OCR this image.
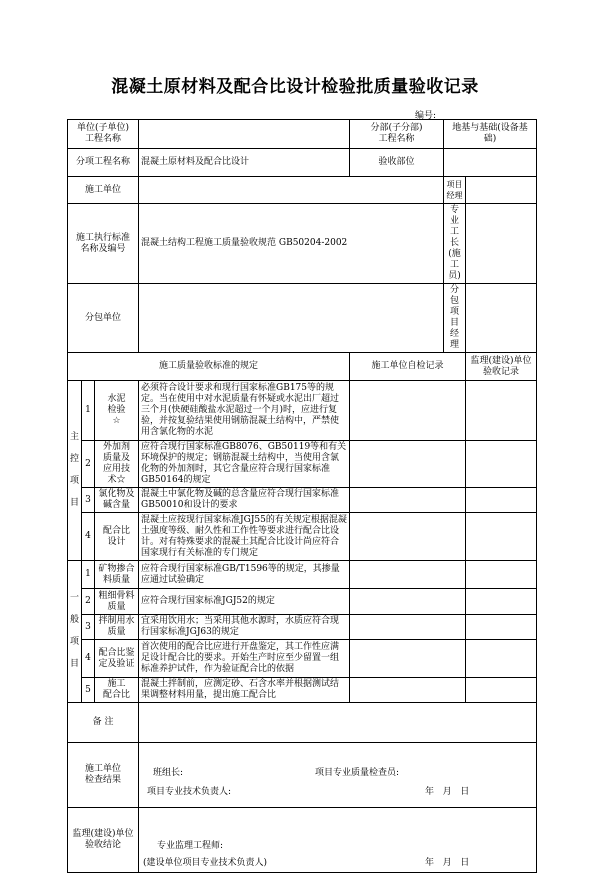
混凝土原材料及配合比设计检验批质量验收记录
编号:
单位(子单位)
工程名称				分部(子分部)
工程名称	地基与基础(设备基础)	
分项工程名称			混凝土原材料及配合比设计	验收部位		
施工单位					项目经理	
施工执行标准
名称及编号			混凝土结构工程施工质量验收规范 GB50204-2002		专业工长
(施工员)	
分包单位					分 包
项目经理	
施工质量验收标准的规定				施工单位自检记录		监理(建设)单位
验收记录
主

控

项

目	1	水泥
检验
☆	必须符合设计要求和现行国家标准GB175等的规定。当在使用中对水泥质量有怀疑或水泥出厂超过三个月(快硬硅酸盐水泥超过一个月)时，应进行复验，并按复验结果使用钢筋混凝土结构中，严禁使用含氯化物的水泥			
	2	外加剂
质量及
应用技
术☆	应符合现行国家标准GB8076、GB50119等和有关环境保护的规定；钢筋混凝土结构中，当使用含氯化物的外加剂时，其它含量应符合现行国家标准GB50164的规定			
	3	氯化物及
碱含量	混凝土中氯化物及碱的总含量应符合现行国家标准GB50010和设计的要求			
	4	配合比
设计	混凝土应按现行国家标准JGJ55的有关规定根据混凝土强度等级、耐久性和工作性等要求进行配合比设计。对有特殊要求的混凝土其配合比设计尚应符合国家现行有关标准的专门规定			
一

般

项

目	1	矿物掺合
料质量	应符合现行国家标准GB/T1596等的规定，其掺量应通过试验确定			
	2	粗细骨料
质量	应符合现行国家标准JGJ52的规定			
	3	拌制用水
质量	宜采用饮用水；当采用其他水源时，水质应符合现行国家标准JGJ63的规定			
	4	配合比鉴
定及验证	首次使用的配合比应进行开盘鉴定，其工作性应满足设计配合比的要求。开始生产时应至少留置一组标准养护试件，作为验证配合比的依据			
	5	施工
配合比	混凝土拌制前，应测定砂、石含水率并根据测试结果调整材料用量，提出施工配合比			
备 注						
施工单位
检查结果			班组长: 项目专业质量检查员:
项目专业技术负责人: 年   月   日			

监理(建设)单位
验收结论			专业监理工程师:
(建设单位项目专业技术负责人) 年   月   日			
